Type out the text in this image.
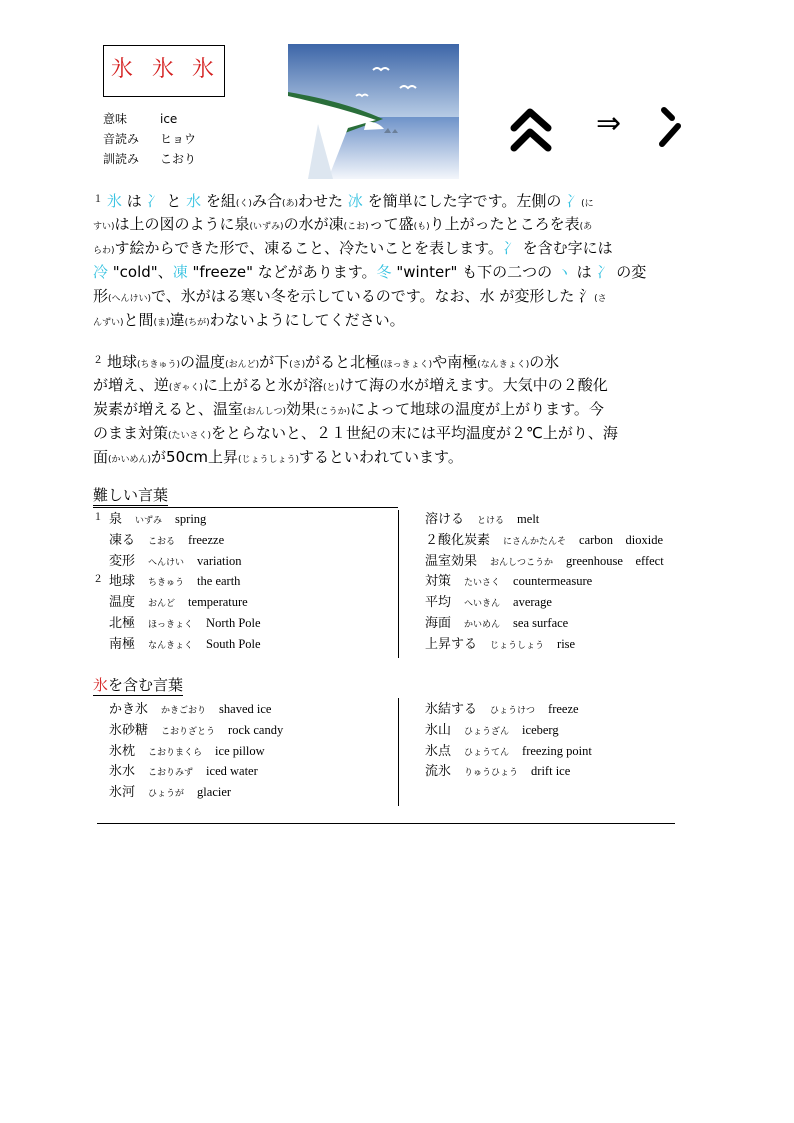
氷 氷 氷
意味	ice
音読み ヒョウ
訓読み こおり
⇒
$^1$ 氷 は 冫 と 水 を組(く)み合(あ)わせた 冰 を簡単にした字です。左側の 冫(に
すい)は上の図のように泉(いずみ)の水が凍(こお)って盛(も)り上がったところを表(あ
らわ)す絵からできた形で、凍ること、冷たいことを表します。冫 を含む字には
冷 "cold"、凍 "freeze" などがあります。冬 "winter" も下の二つの ヽ は 冫 の変
形(へんけい)で、氷がはる寒い冬を示しているのです。なお、水 が変形した 氵(さ
んずい)と間(ま)違(ちが)わないようにしてください。
$^2$ 地球(ちきゅう)の温度(おんど)が下(さ)がると北極(ほっきょく)や南極(なんきょく)の氷
が増え、逆(ぎゃく)に上がると氷が溶(と)けて海の水が増えます。大気中の２酸化
炭素が増えると、温室(おんしつ)効果(こうか)によって地球の温度が上がります。今
のまま対策(たいさく)をとらないと、２１世紀の末には平均温度が２℃上がり、海
面(かいめん)が50cm上昇(じょうしょう)するといわれています。
難しい言葉
氷を含む言葉
１ 泉　 いずみ  spring
凍る　 こおる  freezze
変形　 へんけい  variation
２ 地球　 ちきゅう  the earth
温度　 おんど  temperature
北極　 ほっきょく  North Pole
南極　 なんきょく  South Pole
溶ける　 とける  melt
２酸化炭素　 にさんかたんそ  carbon　dioxide
温室効果　 おんしつこうか  greenhouse　effect
対策　 たいさく  countermeasure
平均　 へいきん  average
海面　 かいめん  sea surface
上昇する　 じょうしょう  rise
かき氷　 かきごおり  shaved ice
氷砂糖　 こおりざとう  rock candy
氷枕　 こおりまくら  ice pillow
氷水　 こおりみず  iced water
氷河　 ひょうが  glacier
氷結する　 ひょうけつ  freeze
氷山　 ひょうざん  iceberg
氷点　 ひょうてん  freezing point
流氷　 りゅうひょう  drift ice
